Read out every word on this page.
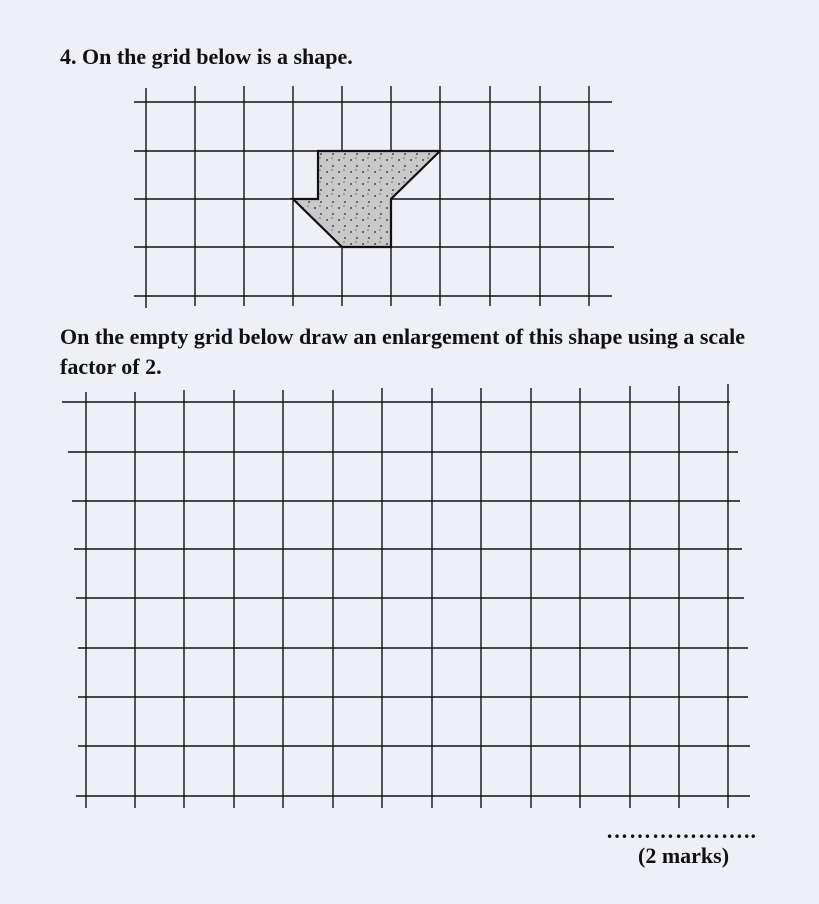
4. On the grid below is a shape.

On the empty grid below draw an enlargement of this shape using a scale factor of 2.

………………..
(2 marks)
